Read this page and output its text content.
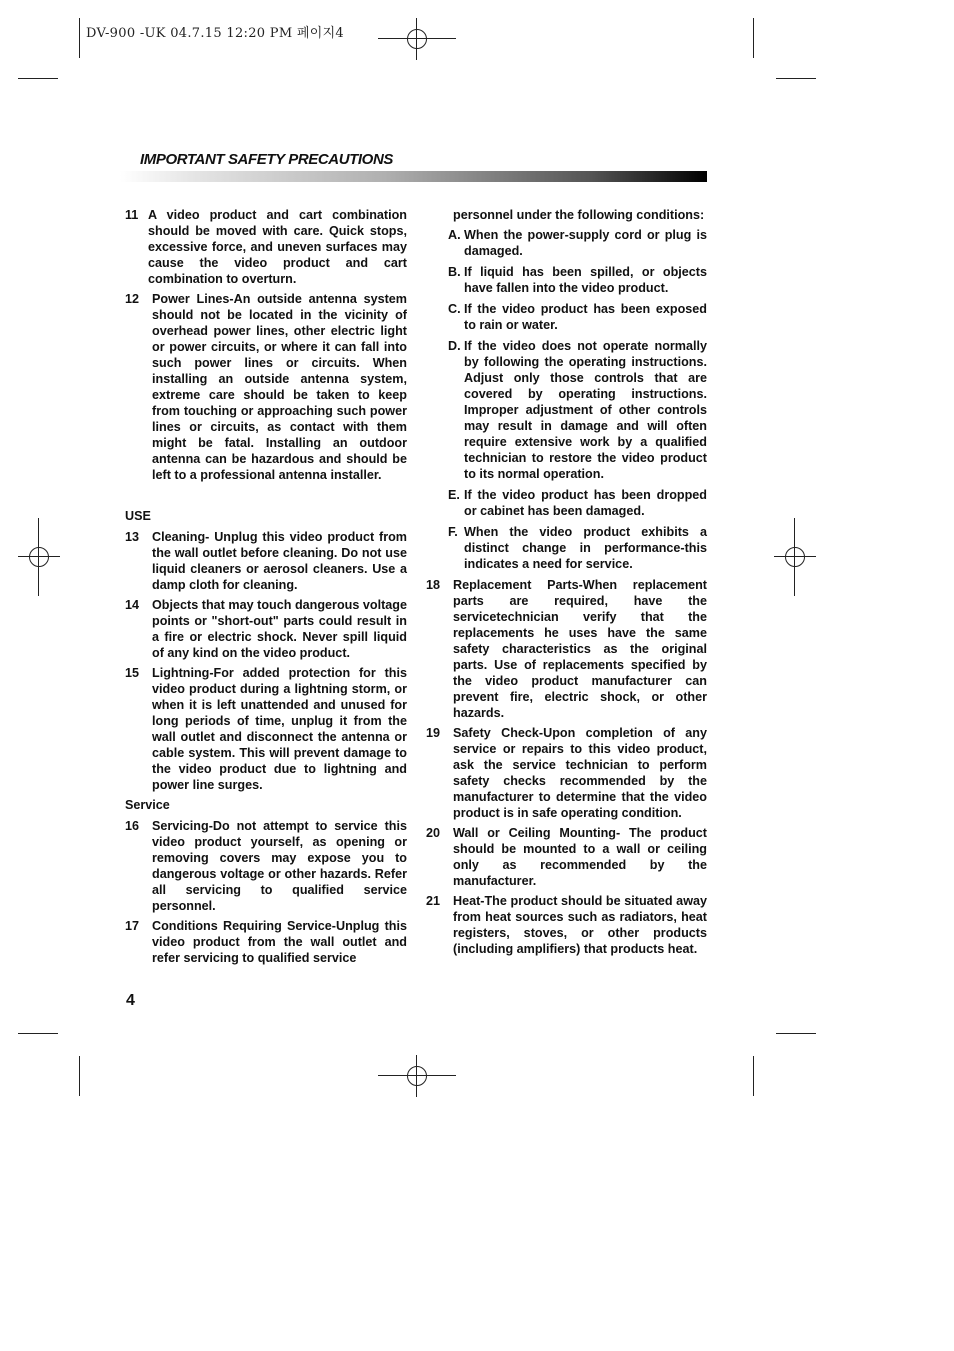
DV-900 -UK 04.7.15 12:20 PM 페이지4
IMPORTANT SAFETY PRECAUTIONS
11 A video product and cart combination should be moved with care. Quick stops, excessive force, and uneven surfaces may cause the video product and cart combination to overturn.
12	Power Lines-An outside antenna system should not be located in the vicinity of overhead power lines, other electric light or power circuits, or where it can fall into such power lines or circuits. When installing an outside antenna system, extreme care should be taken to keep from touching or approaching such power lines or circuits, as contact with them might be fatal. Installing an outdoor antenna can be hazardous and should be left to a professional antenna installer.
USE
13	Cleaning- Unplug this video product from the wall outlet before cleaning. Do not use liquid cleaners or aerosol cleaners. Use a damp cloth for cleaning.
14	Objects that may touch dangerous voltage points or "short-out" parts could result in a fire or electric shock. Never spill liquid of any kind on the video product.
15	Lightning-For added protection for this video product during a lightning storm, or when it is left unattended and unused for long periods of time, unplug it from the wall outlet and disconnect the antenna or cable system. This will prevent damage to the video product due to lightning and power line surges.
Service
16	Servicing-Do not attempt to service this video product yourself, as opening or removing covers may expose you to dangerous voltage or other hazards. Refer all servicing to qualified service personnel.
17	Conditions Requiring Service-Unplug this video product from the wall outlet and refer servicing to qualified service
personnel under the following conditions:
A. When the power-supply cord or plug is damaged.
B. If liquid has been spilled, or objects have fallen into the video product.
C. If the video product has been exposed to rain or water.
D. If the video does not operate normally by following the operating instructions. Adjust only those controls that are covered by operating instructions. Improper adjustment of other controls may result in damage and will often require extensive work by a qualified technician to restore the video product to its normal operation.
E. If the video product has been dropped or cabinet has been damaged.
F. When the video product exhibits a distinct change in performance-this indicates a need for service.
18	Replacement Parts-When replacement parts are required, have the servicetechnician verify that the replacements he uses have the same safety characteristics as the original parts. Use of replacements specified by the video product manufacturer can prevent fire, electric shock, or other hazards.
19	Safety Check-Upon completion of any service or repairs to this video product, ask the service technician to perform safety checks recommended by the manufacturer to determine that the video product is in safe operating condition.
20	Wall or Ceiling Mounting- The product should be mounted to a wall or ceiling only as recommended by the manufacturer.
21	Heat-The product should be situated away from heat sources such as radiators, heat registers, stoves, or other products (including amplifiers) that products heat.
4
